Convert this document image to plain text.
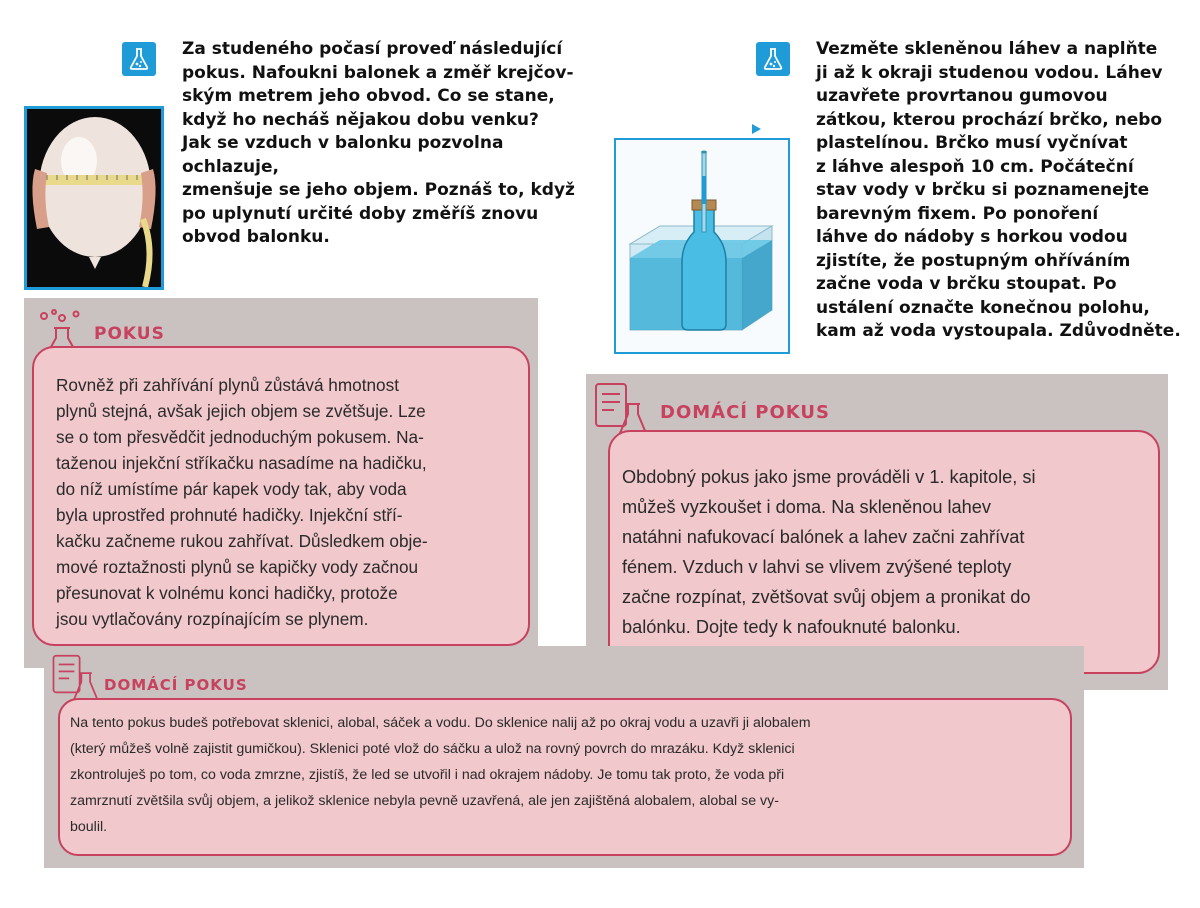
Za studeného počasí proveď následující
pokus. Nafoukni balonek a změř krejčov-
ským metrem jeho obvod. Co se stane,
když ho necháš nějakou dobu venku?
Jak se vzduch v balonku pozvolna ochlazuje,
zmenšuje se jeho objem. Poznáš to, když
po uplynutí určité doby změříš znovu
obvod balonku.
Vezměte skleněnou láhev a naplňte
ji až k okraji studenou vodou. Láhev
uzavřete provrtanou gumovou
zátkou, kterou prochází brčko, nebo
plastelínou. Brčko musí vyčnívat
z láhve alespoň 10 cm. Počáteční
stav vody v brčku si poznamenejte
barevným fixem. Po ponoření
láhve do nádoby s horkou vodou
zjistíte, že postupným ohříváním
začne voda v brčku stoupat. Po
ustálení označte konečnou polohu,
kam až voda vystoupala. Zdůvodněte.
POKUS
Rovněž při zahřívání plynů zůstává hmotnost
plynů stejná, avšak jejich objem se zvětšuje. Lze
se o tom přesvědčit jednoduchým pokusem. Na-
taženou injekční stříkačku nasadíme na hadičku,
do níž umístíme pár kapek vody tak, aby voda
byla uprostřed prohnuté hadičky. Injekční stří-
kačku začneme rukou zahřívat. Důsledkem obje-
mové roztažnosti plynů se kapičky vody začnou
přesunovat k volnému konci hadičky, protože
jsou vytlačovány rozpínajícím se plynem.
DOMÁCÍ POKUS
Obdobný pokus jako jsme prováděli v 1. kapitole, si
můžeš vyzkoušet i doma. Na skleněnou lahev
natáhni nafukovací balónek a lahev začni zahřívat
fénem. Vzduch v lahvi se vlivem zvýšené teploty
začne rozpínat, zvětšovat svůj objem a pronikat do
balónku. Dojte tedy k nafouknuté balonku.
DOMÁCÍ POKUS
Na tento pokus budeš potřebovat sklenici, alobal, sáček a vodu. Do sklenice nalij až po okraj vodu a uzavři ji alobalem
(který můžeš volně zajistit gumičkou). Sklenici poté vlož do sáčku a ulož na rovný povrch do mrazáku. Když sklenici
zkontroluješ po tom, co voda zmrzne, zjistíš, že led se utvořil i nad okrajem nádoby. Je tomu tak proto, že voda při
zamrznutí zvětšila svůj objem, a jelikož sklenice nebyla pevně uzavřená, ale jen zajištěná alobalem, alobal se vy-
boulil.
